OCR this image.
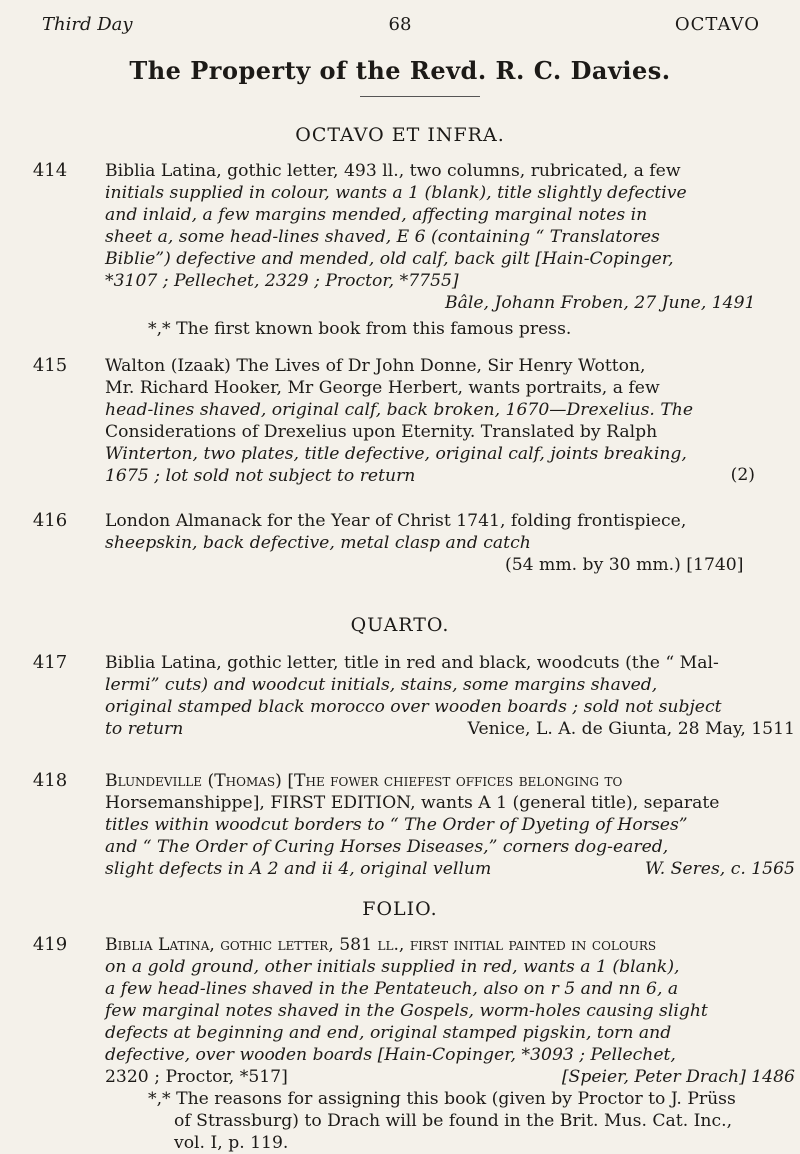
Third Day	68	OCTAVO
The Property of the Revd. R. C. Davies.
OCTAVO ET INFRA.
414	Biblia Latina, gothic letter, 493 ll., two columns, rubricated, a few
initials supplied in colour, wants a 1 (blank), title slightly defective
and inlaid, a few margins mended, affecting marginal notes in
sheet a, some head-lines shaved, E 6 (containing “ Translatores
Biblie”) defective and mended, old calf, back gilt [Hain-Copinger,
*3107 ; Pellechet, 2329 ; Proctor, *7755]
Bâle, Johann Froben, 27 June, 1491
*,* The first known book from this famous press.
415	Walton (Izaak) The Lives of Dr John Donne, Sir Henry Wotton,
Mr. Richard Hooker, Mr George Herbert, wants portraits, a few
head-lines shaved, original calf, back broken, 1670—Drexelius. The
Considerations of Drexelius upon Eternity. Translated by Ralph
Winterton, two plates, title defective, original calf, joints breaking,
1675 ; lot sold not subject to return	(2)
416	London Almanack for the Year of Christ 1741, folding frontispiece,
sheepskin, back defective, metal clasp and catch
(54 mm. by 30 mm.) [1740]
QUARTO.
417	Biblia Latina, gothic letter, title in red and black, woodcuts (the “ Mal-
lermi” cuts) and woodcut initials, stains, some margins shaved,
original stamped black morocco over wooden boards ; sold not subject
to return	Venice, L. A. de Giunta, 28 May, 1511
418	Blundeville (Thomas) [The fower chiefest offices belonging to
Horsemanshippe], FIRST EDITION, wants A 1 (general title), separate
titles within woodcut borders to “ The Order of Dyeting of Horses”
and “ The Order of Curing Horses Diseases,” corners dog-eared,
slight defects in A 2 and ii 4, original vellum	W. Seres, c. 1565
FOLIO.
419	Biblia Latina, gothic letter, 581 ll., first initial painted in colours
on a gold ground, other initials supplied in red, wants a 1 (blank),
a few head-lines shaved in the Pentateuch, also on r 5 and nn 6, a
few marginal notes shaved in the Gospels, worm-holes causing slight
defects at beginning and end, original stamped pigskin, torn and
defective, over wooden boards [Hain-Copinger, *3093 ; Pellechet,
2320 ; Proctor, *517]	[Speier, Peter Drach] 1486
*,* The reasons for assigning this book (given by Proctor to J. Prüss
of Strassburg) to Drach will be found in the Brit. Mus. Cat. Inc.,
vol. I, p. 119.
